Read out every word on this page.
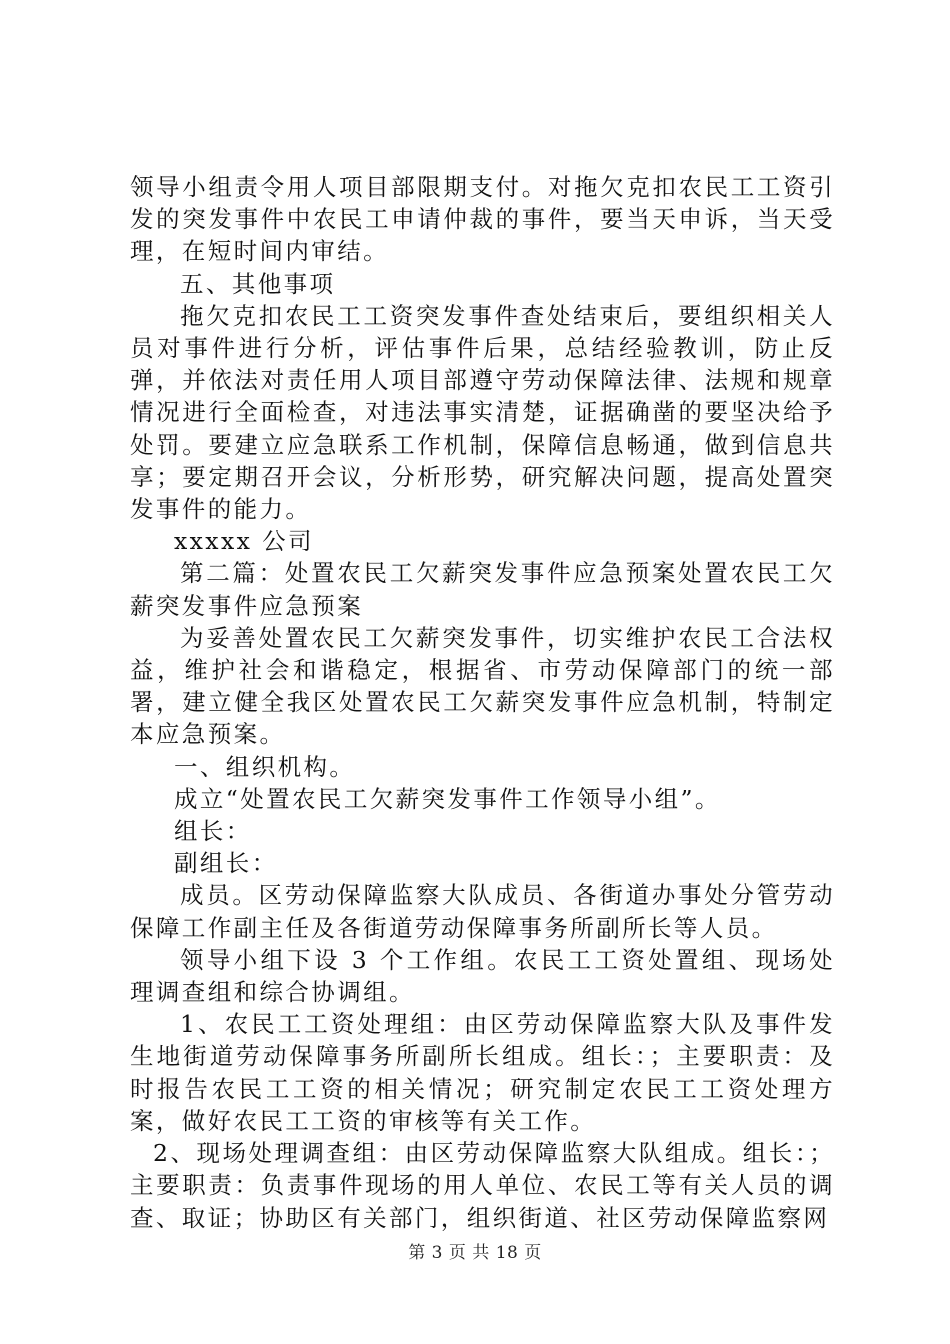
领导小组责令用人项目部限期支付。对拖欠克扣农民工工资引发的突发事件中农民工申请仲裁的事件，要当天申诉，当天受理，在短时间内审结。

五、其他事项

拖欠克扣农民工工资突发事件查处结束后，要组织相关人员对事件进行分析，评估事件后果，总结经验教训，防止反弹，并依法对责任用人项目部遵守劳动保障法律、法规和规章情况进行全面检查，对违法事实清楚，证据确凿的要坚决给予处罚。要建立应急联系工作机制，保障信息畅通，做到信息共享；要定期召开会议，分析形势，研究解决问题，提高处置突发事件的能力。

xxxxx 公司

第二篇：处置农民工欠薪突发事件应急预案处置农民工欠薪突发事件应急预案

为妥善处置农民工欠薪突发事件，切实维护农民工合法权益，维护社会和谐稳定，根据省、市劳动保障部门的统一部署，建立健全我区处置农民工欠薪突发事件应急机制，特制定本应急预案。

一、组织机构。

成立“处置农民工欠薪突发事件工作领导小组”。

组长：

副组长：

成员。区劳动保障监察大队成员、各街道办事处分管劳动保障工作副主任及各街道劳动保障事务所副所长等人员。

领导小组下设 3 个工作组。农民工工资处置组、现场处理调查组和综合协调组。

1、农民工工资处理组：由区劳动保障监察大队及事件发生地街道劳动保障事务所副所长组成。组长：；主要职责：及时报告农民工工资的相关情况；研究制定农民工工资处理方案，做好农民工工资的审核等有关工作。

2、现场处理调查组：由区劳动保障监察大队组成。组长：；主要职责：负责事件现场的用人单位、农民工等有关人员的调查、取证；协助区有关部门，组织街道、社区劳动保障监察网

第 3 页 共 18 页
